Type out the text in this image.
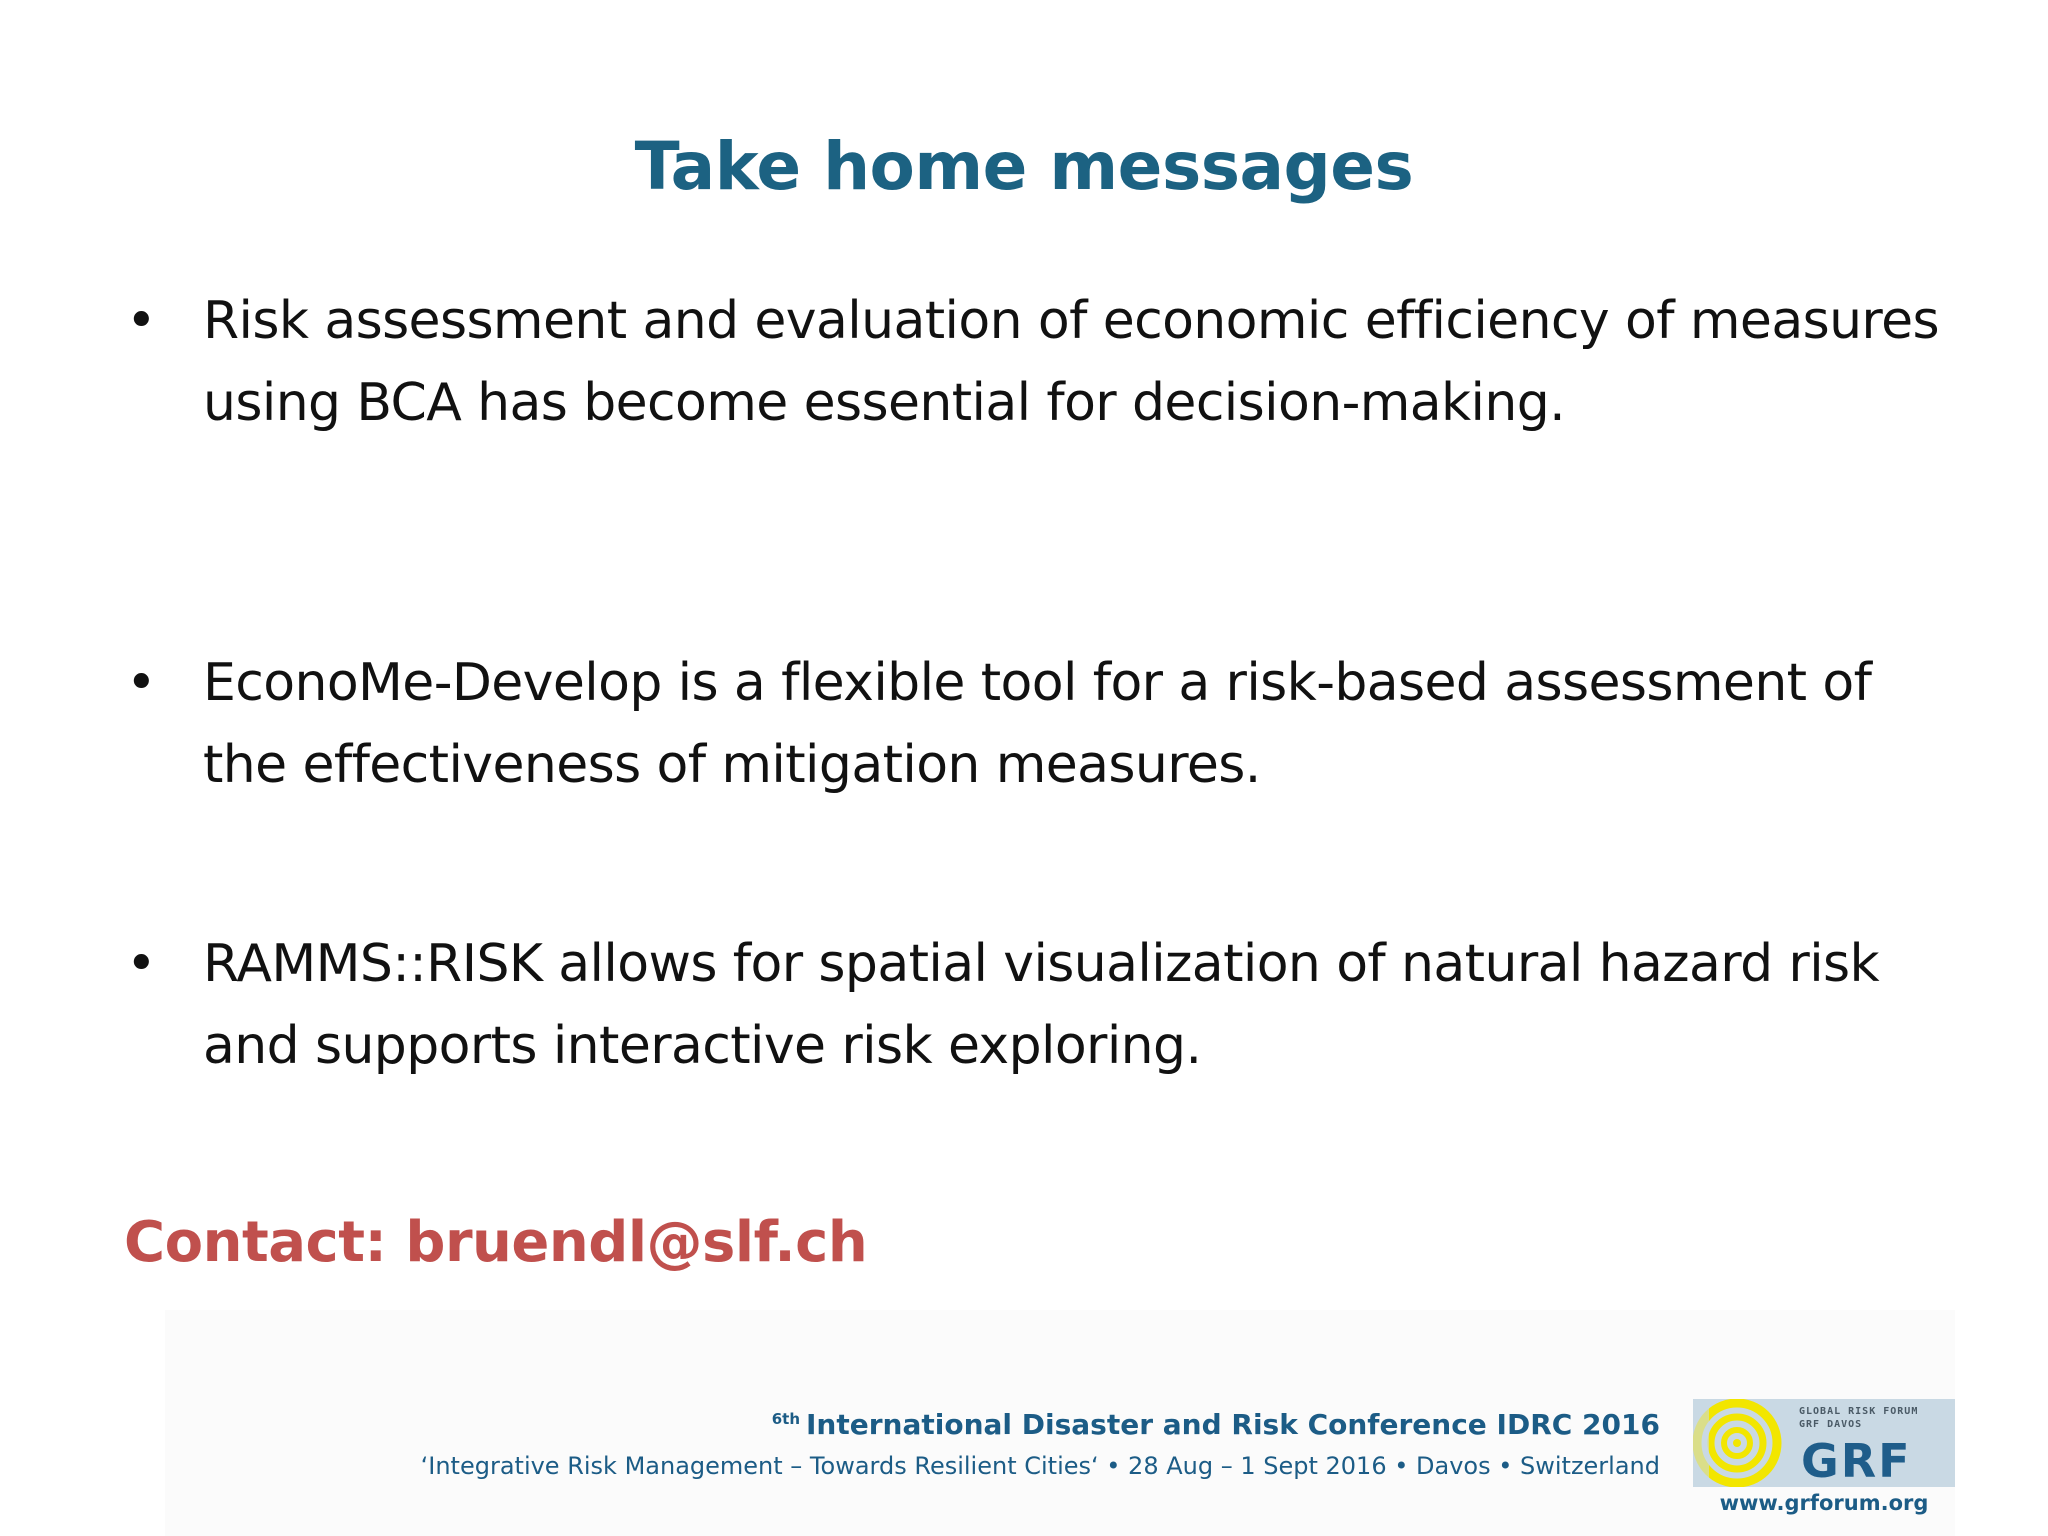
Take home messages
• Risk assessment and evaluation of economic efficiency of measures using BCA has become essential for decision-making.
• EconoMe-Develop is a flexible tool for a risk-based assessment of the effectiveness of mitigation measures.
• RAMMS::RISK allows for spatial visualization of natural hazard risk and supports interactive risk exploring.
Contact: bruendl@slf.ch
$^{6th}$ International Disaster and Risk Conference IDRC 2016
‘Integrative Risk Management – Towards Resilient Cities‘ • 28 Aug – 1 Sept 2016 • Davos • Switzerland
GLOBAL RISK FORUM
GRF DAVOS
GRF
www.grforum.org
